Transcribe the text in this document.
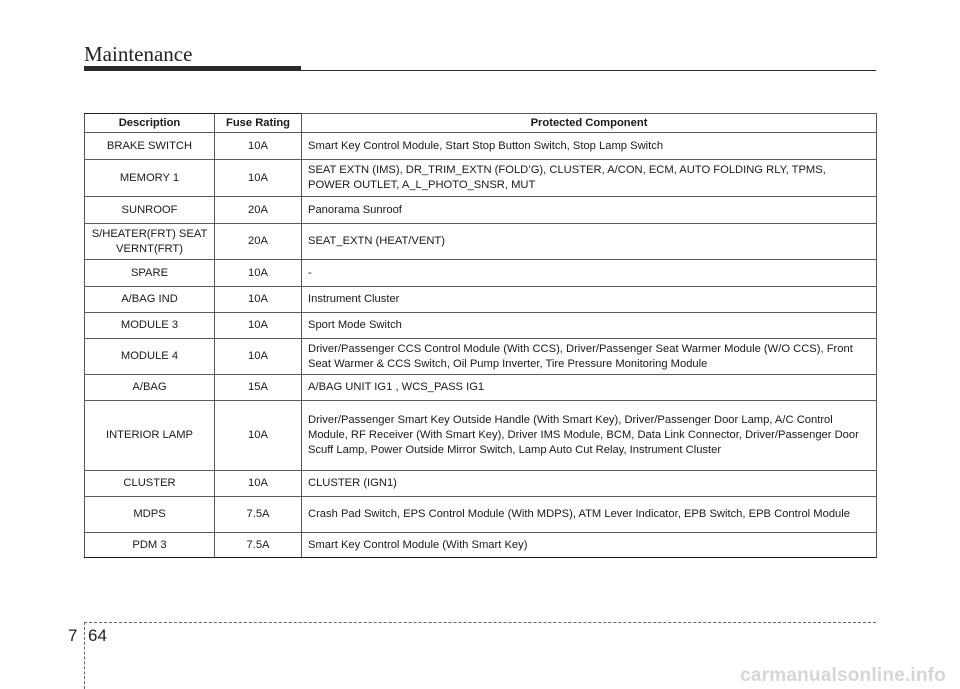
Maintenance
Description	Fuse Rating	Protected Component
BRAKE SWITCH	10A	Smart Key Control Module, Start Stop Button Switch, Stop Lamp Switch
MEMORY 1	10A	SEAT EXTN (IMS), DR_TRIM_EXTN (FOLD’G), CLUSTER, A/CON, ECM, AUTO FOLDING RLY, TPMS, POWER OUTLET, A_L_PHOTO_SNSR, MUT
SUNROOF	20A	Panorama Sunroof
S/HEATER(FRT) SEAT VERNT(FRT)	20A	SEAT_EXTN (HEAT/VENT)
SPARE	10A	-
A/BAG IND	10A	Instrument Cluster
MODULE 3	10A	Sport Mode Switch
MODULE 4	10A	Driver/Passenger CCS Control Module (With CCS), Driver/Passenger Seat Warmer Module (W/O CCS), Front Seat Warmer & CCS Switch, Oil Pump Inverter, Tire Pressure Monitoring Module
A/BAG	15A	A/BAG UNIT IG1 , WCS_PASS IG1
INTERIOR LAMP	10A	Driver/Passenger Smart Key Outside Handle (With Smart Key), Driver/Passenger Door Lamp, A/C Control Module, RF Receiver (With Smart Key), Driver IMS Module, BCM, Data Link Connector, Driver/Passenger Door Scuff Lamp, Power Outside Mirror Switch, Lamp Auto Cut Relay, Instrument Cluster
CLUSTER	10A	CLUSTER (IGN1)
MDPS	7.5A	Crash Pad Switch, EPS Control Module (With MDPS), ATM Lever Indicator, EPB Switch, EPB Control Module
PDM 3	7.5A	Smart Key Control Module (With Smart Key)
7 64
carmanualsonline.info
